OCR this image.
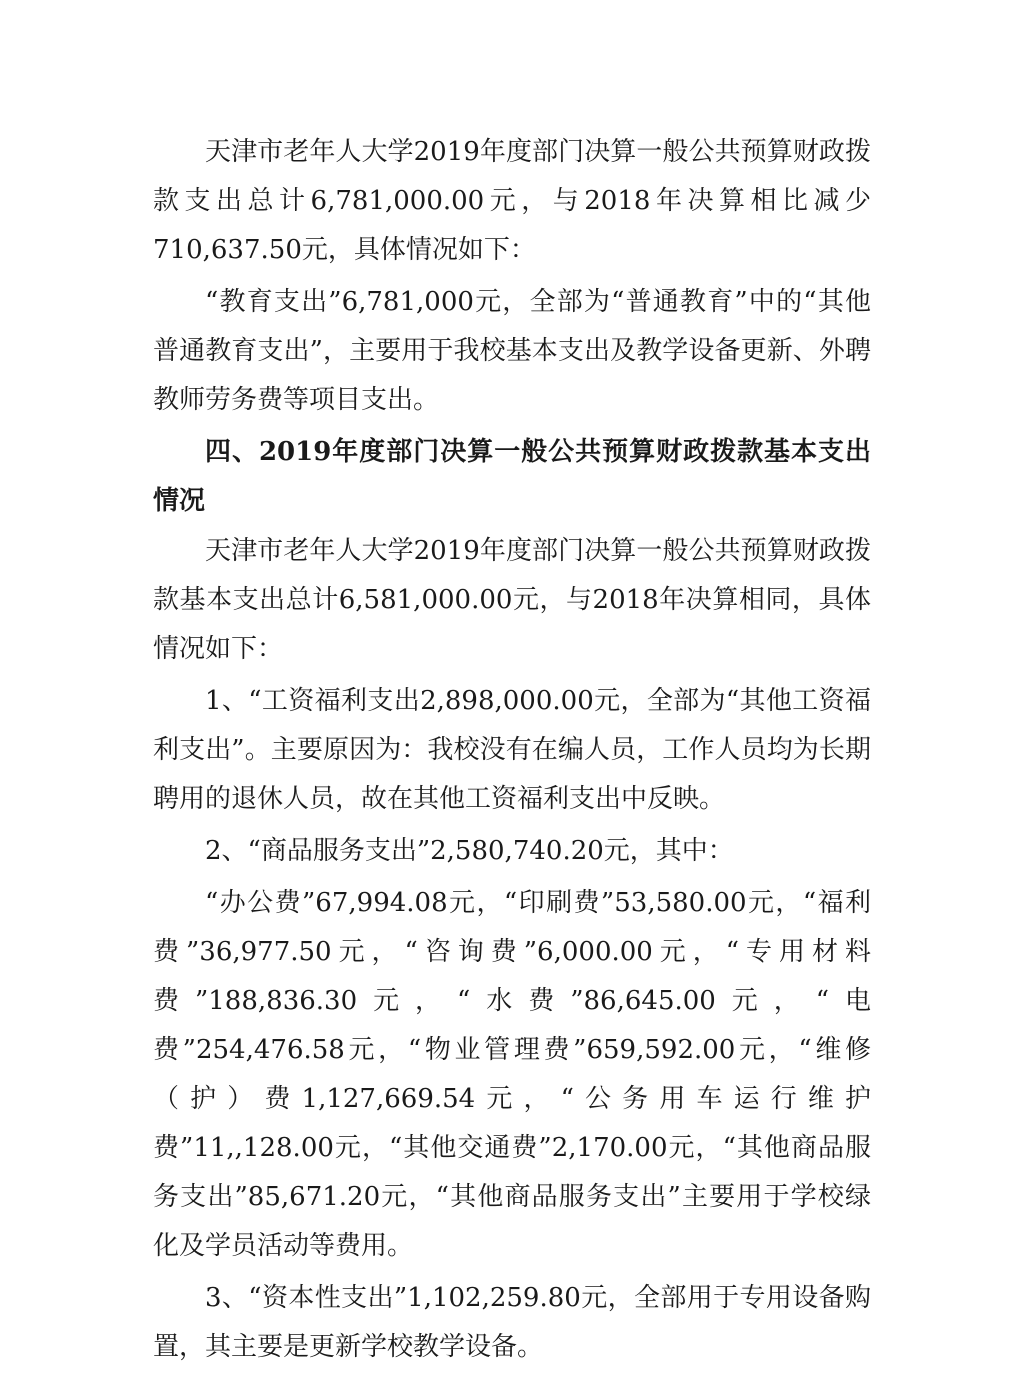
天津市老年人大学2019年度部门决算一般公共预算财政拨款支出总计6,781,000.00元，与2018年决算相比减少710,637.50元，具体情况如下：

“教育支出”6,781,000元，全部为“普通教育”中的“其他普通教育支出”，主要用于我校基本支出及教学设备更新、外聘教师劳务费等项目支出。

四、2019年度部门决算一般公共预算财政拨款基本支出情况

天津市老年人大学2019年度部门决算一般公共预算财政拨款基本支出总计6,581,000.00元，与2018年决算相同，具体情况如下：

1、“工资福利支出2,898,000.00元，全部为“其他工资福利支出”。主要原因为：我校没有在编人员，工作人员均为长期聘用的退休人员，故在其他工资福利支出中反映。

2、“商品服务支出”2,580,740.20元，其中：

“办公费”67,994.08元，“印刷费”53,580.00元，“福利费”36,977.50元，“咨询费”6,000.00元，“专用材料费”188,836.30元，“水费”86,645.00元，“电费”254,476.58元，“物业管理费”659,592.00元，“维修（护）费1,127,669.54元，“公务用车运行维护费”11,,128.00元，“其他交通费”2,170.00元，“其他商品服务支出”85,671.20元，“其他商品服务支出”主要用于学校绿化及学员活动等费用。

3、“资本性支出”1,102,259.80元，全部用于专用设备购置，其主要是更新学校教学设备。
